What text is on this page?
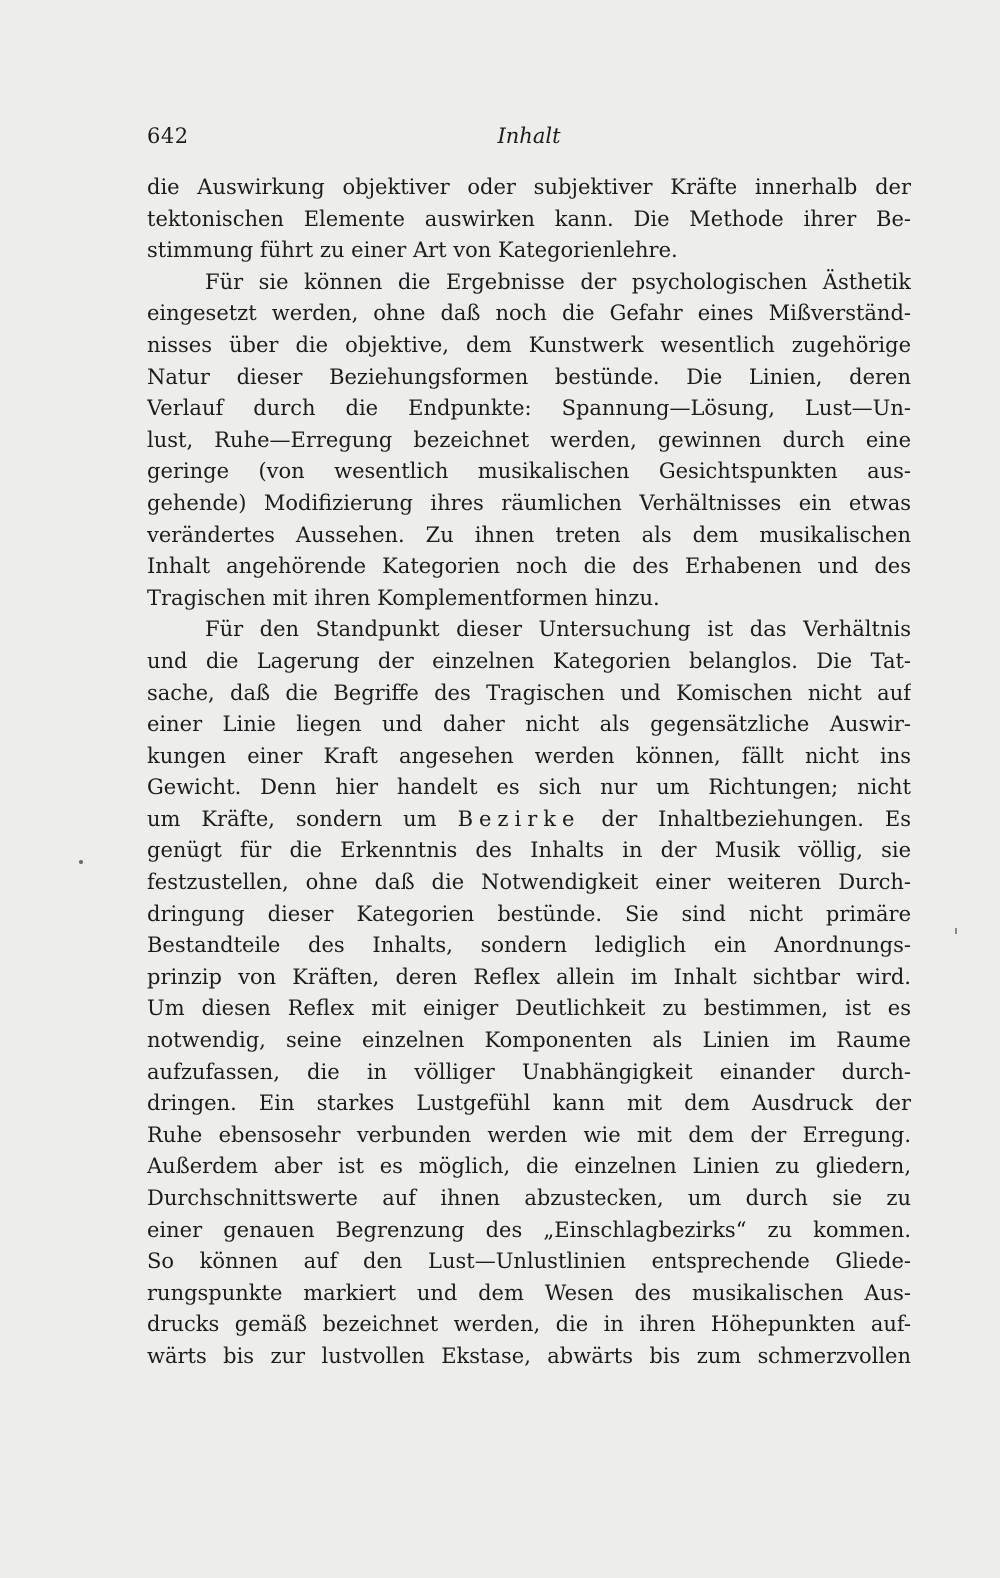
642	Inhalt
die Auswirkung objektiver oder subjektiver Kräfte innerhalb der
tektonischen Elemente auswirken kann. Die Methode ihrer Be-
stimmung führt zu einer Art von Kategorienlehre.
Für sie können die Ergebnisse der psychologischen Ästhetik
eingesetzt werden, ohne daß noch die Gefahr eines Mißverständ-
nisses über die objektive, dem Kunstwerk wesentlich zugehörige
Natur dieser Beziehungsformen bestünde. Die Linien, deren
Verlauf durch die Endpunkte: Spannung—Lösung, Lust—Un-
lust, Ruhe—Erregung bezeichnet werden, gewinnen durch eine
geringe (von wesentlich musikalischen Gesichtspunkten aus-
gehende) Modifizierung ihres räumlichen Verhältnisses ein etwas
verändertes Aussehen. Zu ihnen treten als dem musikalischen
Inhalt angehörende Kategorien noch die des Erhabenen und des
Tragischen mit ihren Komplementformen hinzu.
Für den Standpunkt dieser Untersuchung ist das Verhältnis
und die Lagerung der einzelnen Kategorien belanglos. Die Tat-
sache, daß die Begriffe des Tragischen und Komischen nicht auf
einer Linie liegen und daher nicht als gegensätzliche Auswir-
kungen einer Kraft angesehen werden können, fällt nicht ins
Gewicht. Denn hier handelt es sich nur um Richtungen; nicht
um Kräfte, sondern um Bezirke der Inhaltbeziehungen. Es
genügt für die Erkenntnis des Inhalts in der Musik völlig, sie
festzustellen, ohne daß die Notwendigkeit einer weiteren Durch-
dringung dieser Kategorien bestünde. Sie sind nicht primäre
Bestandteile des Inhalts, sondern lediglich ein Anordnungs-
prinzip von Kräften, deren Reflex allein im Inhalt sichtbar wird.
Um diesen Reflex mit einiger Deutlichkeit zu bestimmen, ist es
notwendig, seine einzelnen Komponenten als Linien im Raume
aufzufassen, die in völliger Unabhängigkeit einander durch-
dringen. Ein starkes Lustgefühl kann mit dem Ausdruck der
Ruhe ebensosehr verbunden werden wie mit dem der Erregung.
Außerdem aber ist es möglich, die einzelnen Linien zu gliedern,
Durchschnittswerte auf ihnen abzustecken, um durch sie zu
einer genauen Begrenzung des „Einschlagbezirks“ zu kommen.
So können auf den Lust—Unlustlinien entsprechende Gliede-
rungspunkte markiert und dem Wesen des musikalischen Aus-
drucks gemäß bezeichnet werden, die in ihren Höhepunkten auf-
wärts bis zur lustvollen Ekstase, abwärts bis zum schmerzvollen
